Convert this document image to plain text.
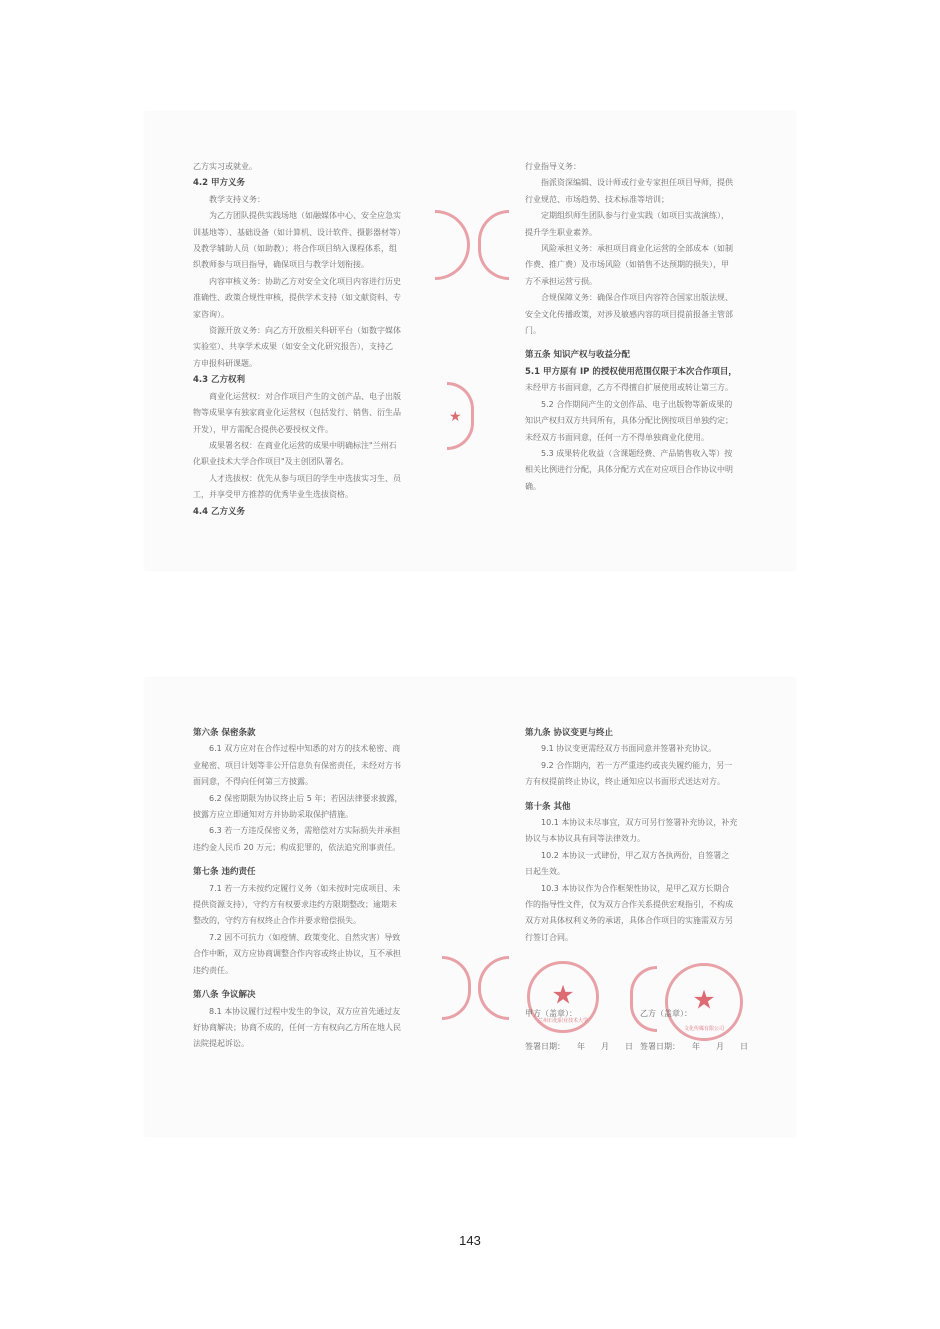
乙方实习或就业。

4.2 甲方义务

教学支持义务：

为乙方团队提供实践场地（如融媒体中心、安全应急实

训基地等）、基础设备（如计算机、设计软件、摄影器材等）

及教学辅助人员（如助教）；将合作项目纳入课程体系，组

织教师参与项目指导，确保项目与教学计划衔接。

内容审核义务：协助乙方对安全文化项目内容进行历史

准确性、政策合规性审核，提供学术支持（如文献资料、专

家咨询）。

资源开放义务：向乙方开放相关科研平台（如数字媒体

实验室）、共享学术成果（如安全文化研究报告），支持乙

方申报科研课题。

4.3 乙方权利

商业化运营权：对合作项目产生的文创产品、电子出版

物等成果享有独家商业化运营权（包括发行、销售、衍生品

开发），甲方需配合提供必要授权文件。

成果署名权：在商业化运营的成果中明确标注"兰州石

化职业技术大学合作项目"及主创团队署名。

人才选拔权：优先从参与项目的学生中选拔实习生、员

工，并享受甲方推荐的优秀毕业生选拔资格。

4.4 乙方义务

★

行业指导义务：

指派资深编辑、设计师或行业专家担任项目导师，提供

行业规范、市场趋势、技术标准等培训；

定期组织师生团队参与行业实践（如项目实战演练），

提升学生职业素养。

风险承担义务：承担项目商业化运营的全部成本（如制

作费、推广费）及市场风险（如销售不达预期的损失），甲

方不承担运营亏损。

合规保障义务：确保合作项目内容符合国家出版法规、

安全文化传播政策，对涉及敏感内容的项目提前报备主管部

门。

第五条 知识产权与收益分配

5.1 甲方原有 IP 的授权使用范围仅限于本次合作项目，

未经甲方书面同意，乙方不得擅自扩展使用或转让第三方。

5.2 合作期间产生的文创作品、电子出版物等新成果的

知识产权归双方共同所有，具体分配比例按项目单独约定；

未经双方书面同意，任何一方不得单独商业化使用。

5.3 成果转化收益（含课题经费、产品销售收入等）按

相关比例进行分配，具体分配方式在对应项目合作协议中明

确。

第六条 保密条款

6.1 双方应对在合作过程中知悉的对方的技术秘密、商

业秘密、项目计划等非公开信息负有保密责任，未经对方书

面同意，不得向任何第三方披露。

6.2 保密期限为协议终止后 5 年；若因法律要求披露，

披露方应立即通知对方并协助采取保护措施。

6.3 若一方违反保密义务，需赔偿对方实际损失并承担

违约金人民币 20 万元；构成犯罪的，依法追究刑事责任。

第七条 违约责任

7.1 若一方未按约定履行义务（如未按时完成项目、未

提供资源支持），守约方有权要求违约方限期整改；逾期未

整改的，守约方有权终止合作并要求赔偿损失。

7.2 因不可抗力（如疫情、政策变化、自然灾害）导致

合作中断，双方应协商调整合作内容或终止协议，互不承担

违约责任。

第八条 争议解决

8.1 本协议履行过程中发生的争议，双方应首先通过友

好协商解决；协商不成的，任何一方有权向乙方所在地人民

法院提起诉讼。

第九条 协议变更与终止

9.1 协议变更需经双方书面同意并签署补充协议。

9.2 合作期内，若一方严重违约或丧失履约能力，另一

方有权提前终止协议，终止通知应以书面形式送达对方。

第十条 其他

10.1 本协议未尽事宜，双方可另行签署补充协议，补充

协议与本协议具有同等法律效力。

10.2 本协议一式肆份，甲乙双方各执两份，自签署之

日起生效。

10.3 本协议作为合作框架性协议，是甲乙双方长期合

作的指导性文件，仅为双方合作关系提供宏观指引，不构成

双方对具体权利义务的承诺，具体合作项目的实施需双方另

行签订合同。

★
兰州石化职业技术大学
★
文化传媒有限公司
甲方（盖章）：	乙方（盖章）：
签署日期：　　年　　月　　日 签署日期：　　年　　月　　日
143
